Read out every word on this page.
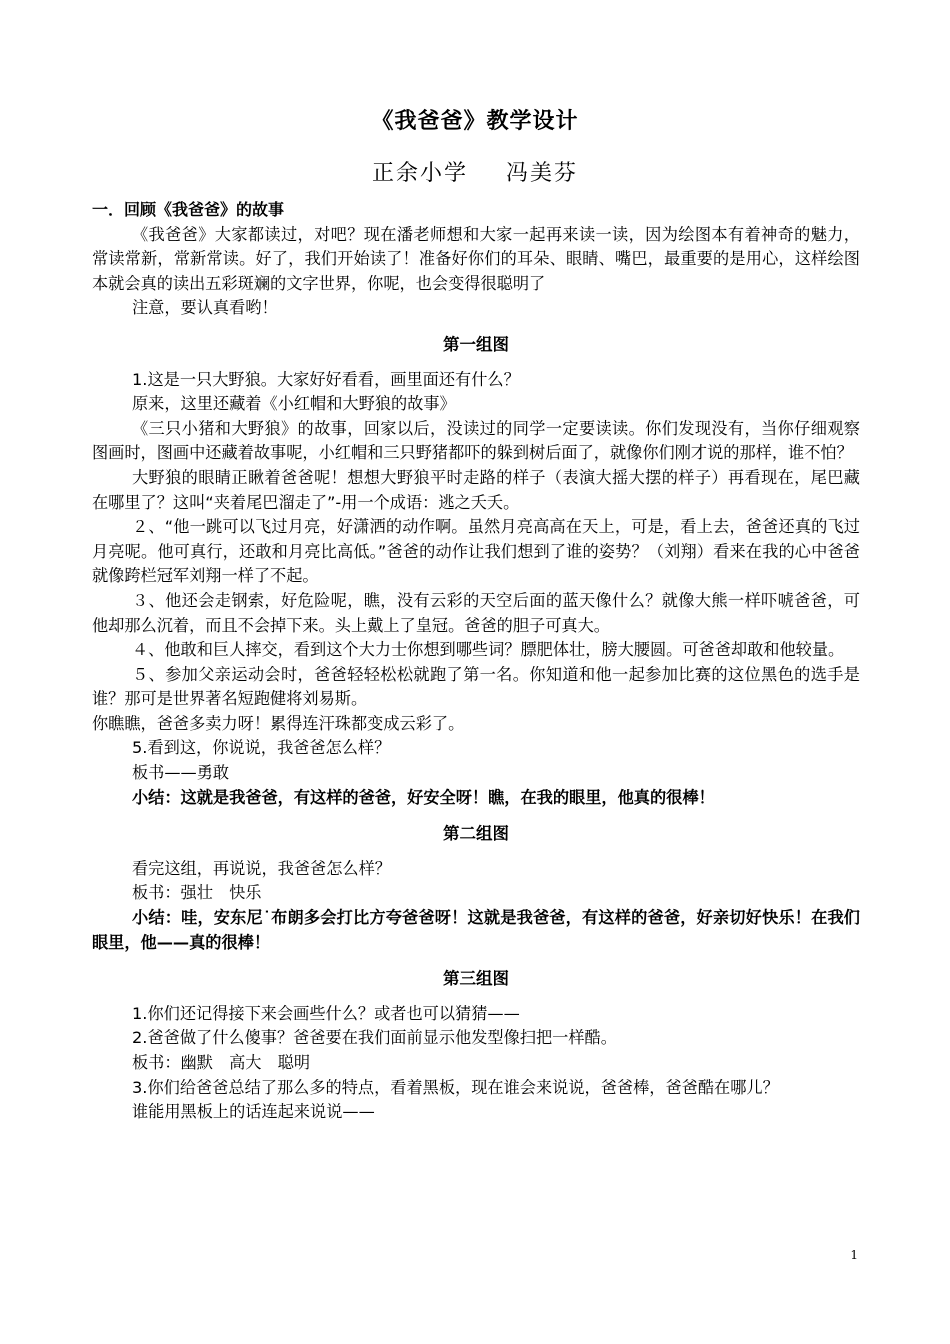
《我爸爸》教学设计
正余小学 冯美芬

一．回顾《我爸爸》的故事

《我爸爸》大家都读过，对吧？现在潘老师想和大家一起再来读一读，因为绘图本有着神奇的魅力，常读常新，常新常读。好了，我们开始读了！准备好你们的耳朵、眼睛、嘴巴，最重要的是用心，这样绘图本就会真的读出五彩斑斓的文字世界，你呢，也会变得很聪明了

注意，要认真看哟！

第一组图

1.这是一只大野狼。大家好好看看，画里面还有什么？

原来，这里还藏着《小红帽和大野狼的故事》

《三只小猪和大野狼》的故事，回家以后，没读过的同学一定要读读。你们发现没有，当你仔细观察图画时，图画中还藏着故事呢，小红帽和三只野猪都吓的躲到树后面了，就像你们刚才说的那样，谁不怕？

大野狼的眼睛正瞅着爸爸呢！想想大野狼平时走路的样子（表演大摇大摆的样子）再看现在，尾巴藏在哪里了？这叫“夹着尾巴溜走了”-用一个成语：逃之夭夭。

２、“他一跳可以飞过月亮，好潇洒的动作啊。虽然月亮高高在天上，可是，看上去，爸爸还真的飞过月亮呢。他可真行，还敢和月亮比高低。”爸爸的动作让我们想到了谁的姿势？（刘翔）看来在我的心中爸爸就像跨栏冠军刘翔一样了不起。

３、他还会走钢索，好危险呢，瞧，没有云彩的天空后面的蓝天像什么？就像大熊一样吓唬爸爸，可他却那么沉着，而且不会掉下来。头上戴上了皇冠。爸爸的胆子可真大。

４、他敢和巨人摔交，看到这个大力士你想到哪些词？膘肥体壮，膀大腰圆。可爸爸却敢和他较量。

５、参加父亲运动会时，爸爸轻轻松松就跑了第一名。你知道和他一起参加比赛的这位黑色的选手是谁？那可是世界著名短跑健将刘易斯。

你瞧瞧，爸爸多卖力呀！累得连汗珠都变成云彩了。

5.看到这，你说说，我爸爸怎么样？

板书——勇敢

小结：这就是我爸爸，有这样的爸爸，好安全呀！瞧，在我的眼里，他真的很棒！

第二组图

看完这组，再说说，我爸爸怎么样？

板书：强壮　快乐

小结：哇，安东尼˙布朗多会打比方夸爸爸呀！这就是我爸爸，有这样的爸爸，好亲切好快乐！在我们眼里，他——真的很棒！

第三组图

1.你们还记得接下来会画些什么？或者也可以猜猜——

2.爸爸做了什么傻事？爸爸要在我们面前显示他发型像扫把一样酷。

板书：幽默　高大　聪明

3.你们给爸爸总结了那么多的特点，看着黑板，现在谁会来说说，爸爸棒，爸爸酷在哪儿？

谁能用黑板上的话连起来说说——

1
